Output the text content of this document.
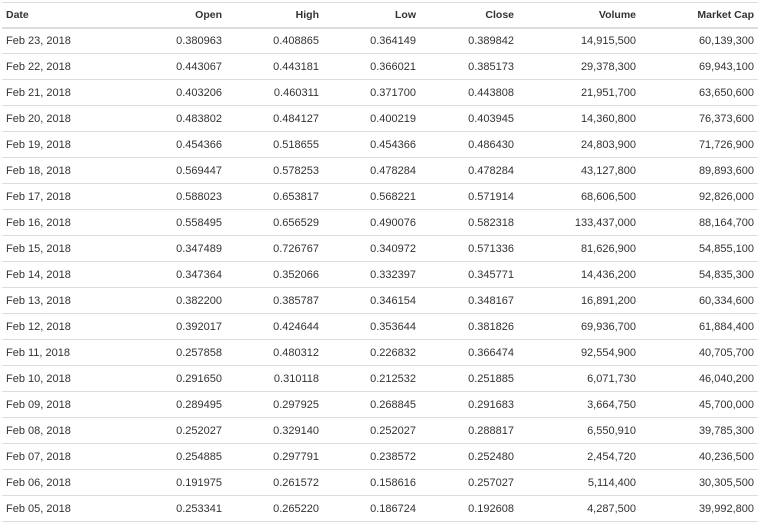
Date	Open	High	Low	Close	Volume	Market Cap
Feb 23, 2018	0.380963	0.408865	0.364149	0.389842	14,915,500	60,139,300
Feb 22, 2018	0.443067	0.443181	0.366021	0.385173	29,378,300	69,943,100
Feb 21, 2018	0.403206	0.460311	0.371700	0.443808	21,951,700	63,650,600
Feb 20, 2018	0.483802	0.484127	0.400219	0.403945	14,360,800	76,373,600
Feb 19, 2018	0.454366	0.518655	0.454366	0.486430	24,803,900	71,726,900
Feb 18, 2018	0.569447	0.578253	0.478284	0.478284	43,127,800	89,893,600
Feb 17, 2018	0.588023	0.653817	0.568221	0.571914	68,606,500	92,826,000
Feb 16, 2018	0.558495	0.656529	0.490076	0.582318	133,437,000	88,164,700
Feb 15, 2018	0.347489	0.726767	0.340972	0.571336	81,626,900	54,855,100
Feb 14, 2018	0.347364	0.352066	0.332397	0.345771	14,436,200	54,835,300
Feb 13, 2018	0.382200	0.385787	0.346154	0.348167	16,891,200	60,334,600
Feb 12, 2018	0.392017	0.424644	0.353644	0.381826	69,936,700	61,884,400
Feb 11, 2018	0.257858	0.480312	0.226832	0.366474	92,554,900	40,705,700
Feb 10, 2018	0.291650	0.310118	0.212532	0.251885	6,071,730	46,040,200
Feb 09, 2018	0.289495	0.297925	0.268845	0.291683	3,664,750	45,700,000
Feb 08, 2018	0.252027	0.329140	0.252027	0.288817	6,550,910	39,785,300
Feb 07, 2018	0.254885	0.297791	0.238572	0.252480	2,454,720	40,236,500
Feb 06, 2018	0.191975	0.261572	0.158616	0.257027	5,114,400	30,305,500
Feb 05, 2018	0.253341	0.265220	0.186724	0.192608	4,287,500	39,992,800
